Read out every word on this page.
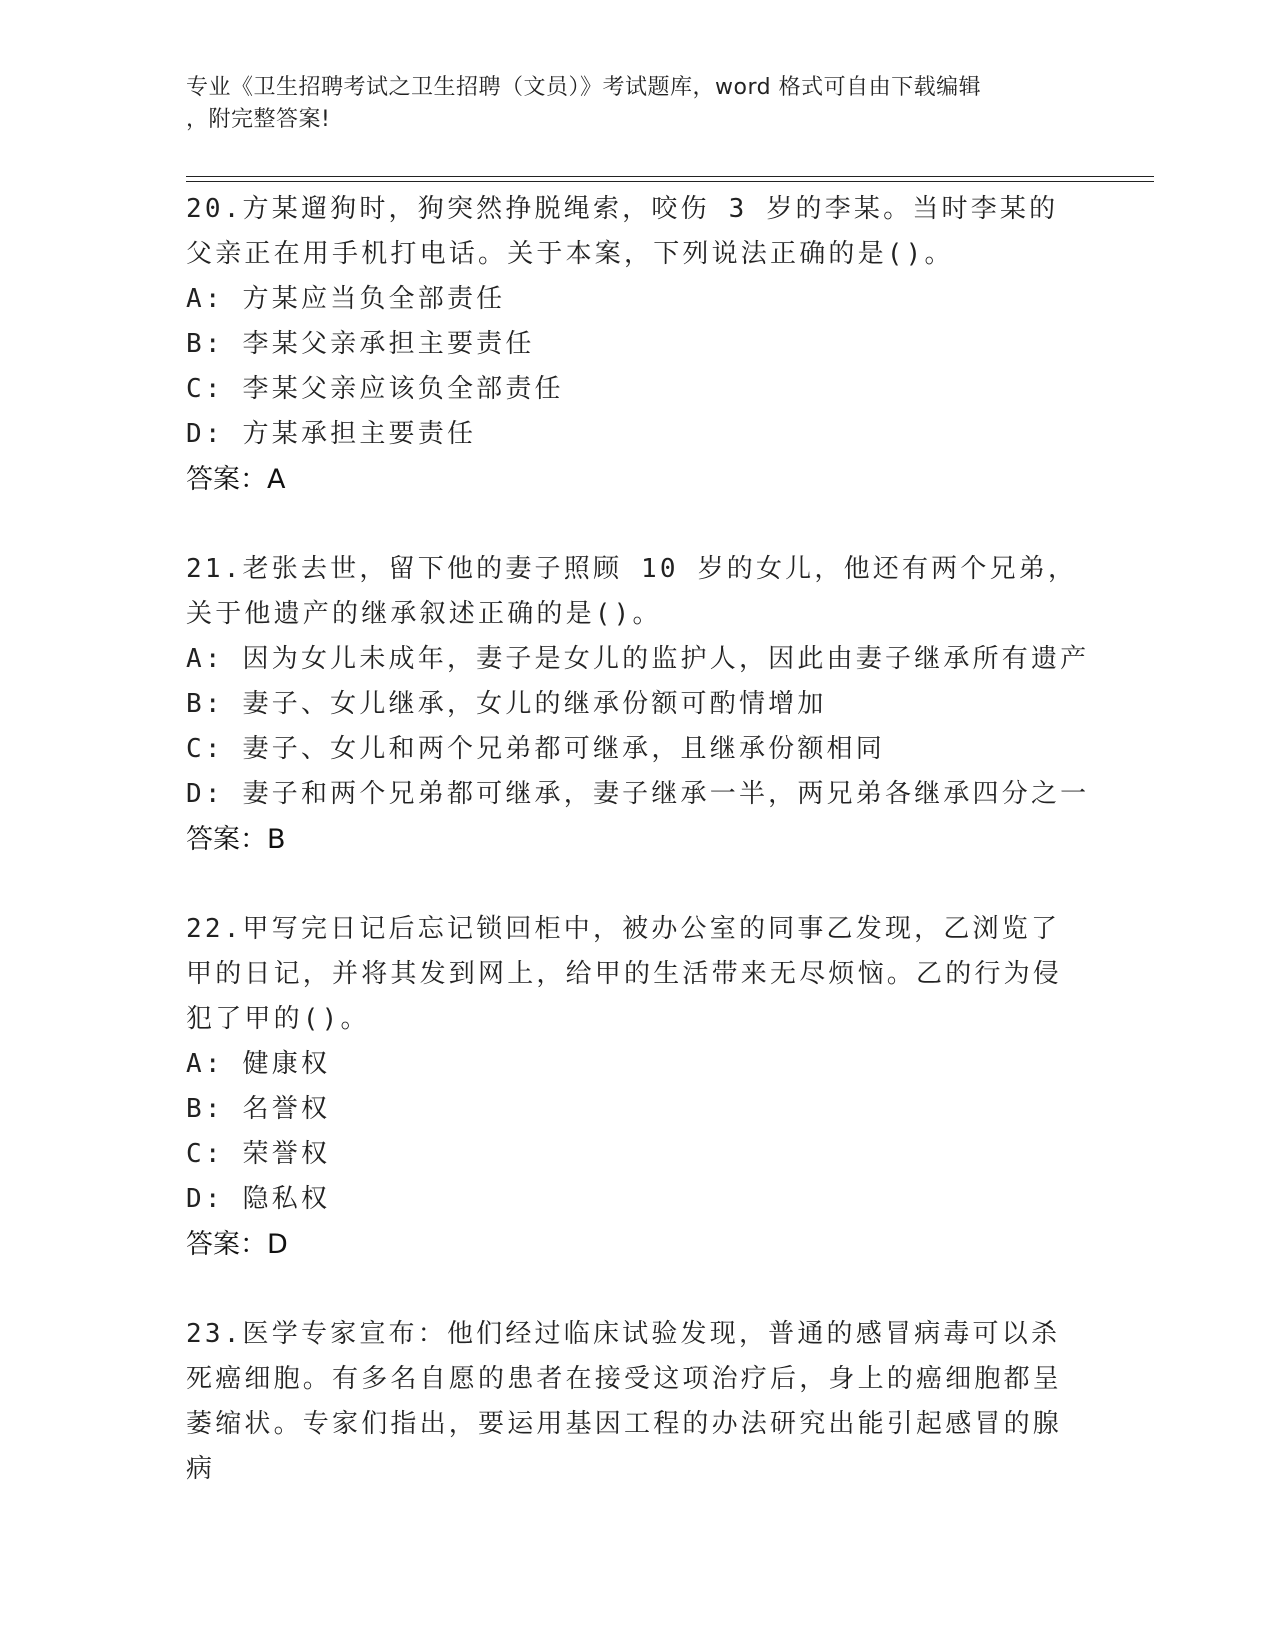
专业《卫生招聘考试之卫生招聘（文员）》考试题库，word 格式可自由下载编辑
，附完整答案!
20.方某遛狗时，狗突然挣脱绳索，咬伤 3 岁的李某。当时李某的父亲正在用手机打电话。关于本案，下列说法正确的是()。
A: 方某应当负全部责任
B: 李某父亲承担主要责任
C: 李某父亲应该负全部责任
D: 方某承担主要责任
答案：A
21.老张去世，留下他的妻子照顾 10 岁的女儿，他还有两个兄弟，关于他遗产的继承叙述正确的是()。
A: 因为女儿未成年，妻子是女儿的监护人，因此由妻子继承所有遗产
B: 妻子、女儿继承，女儿的继承份额可酌情增加
C: 妻子、女儿和两个兄弟都可继承，且继承份额相同
D: 妻子和两个兄弟都可继承，妻子继承一半，两兄弟各继承四分之一
答案：B
22.甲写完日记后忘记锁回柜中，被办公室的同事乙发现，乙浏览了甲的日记，并将其发到网上，给甲的生活带来无尽烦恼。乙的行为侵犯了甲的()。
A: 健康权
B: 名誉权
C: 荣誉权
D: 隐私权
答案：D
23.医学专家宣布：他们经过临床试验发现，普通的感冒病毒可以杀死癌细胞。有多名自愿的患者在接受这项治疗后，身上的癌细胞都呈萎缩状。专家们指出，要运用基因工程的办法研究出能引起感冒的腺病
